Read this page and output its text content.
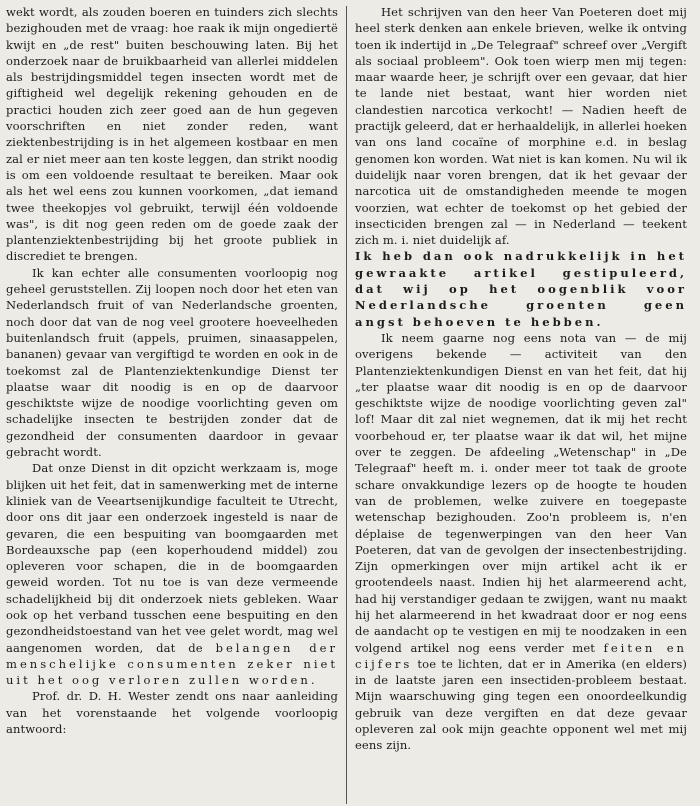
wekt wordt, als zouden boeren en tuinders zich slechts bezighouden met de vraag: hoe raak ik mijn ongediertë kwijt en „de rest" buiten beschouwing laten. Bij het onderzoek naar de bruikbaarheid van allerlei middelen als bestrijdingsmiddel tegen insecten wordt met de giftigheid wel degelijk rekening gehouden en de practici houden zich zeer goed aan de hun gegeven voorschriften en niet zonder reden, want ziektenbestrijding is in het algemeen kostbaar en men zal er niet meer aan ten koste leggen, dan strikt noodig is om een voldoende resultaat te bereiken. Maar ook als het wel eens zou kunnen voorkomen, „dat iemand twee theekopjes vol gebruikt, terwijl één voldoende was", is dit nog geen reden om de goede zaak der plantenziektenbestrijding bij het groote publiek in discrediet te brengen.

Ik kan echter alle consumenten voorloopig nog geheel geruststellen. Zij loopen noch door het eten van Nederlandsch fruit of van Nederlandsche groenten, noch door dat van de nog veel grootere hoeveelheden buitenlandsch fruit (appels, pruimen, sinaasappelen, bananen) gevaar van vergiftigd te worden en ook in de toekomst zal de Plantenziektenkundige Dienst ter plaatse waar dit noodig is en op de daarvoor geschiktste wijze de noodige voorlichting geven om schadelijke insecten te bestrijden zonder dat de gezondheid der consumenten daardoor in gevaar gebracht wordt.

Dat onze Dienst in dit opzicht werkzaam is, moge blijken uit het feit, dat in samenwerking met de interne kliniek van de Veeartsenijkundige faculteit te Utrecht, door ons dit jaar een onderzoek ingesteld is naar de gevaren, die een bespuiting van boomgaarden met Bordeauxsche pap (een koperhoudend middel) zou opleveren voor schapen, die in de boomgaarden geweid worden. Tot nu toe is van deze vermeende schadelijkheid bij dit onderzoek niets gebleken. Waar ook op het verband tusschen eene bespuiting en den gezondheidstoestand van het vee gelet wordt, mag wel aangenomen worden, dat de belangen der menschelijke consumenten zeker niet uit het oog verloren zullen worden.

Prof. dr. D. H. Wester zendt ons naar aanleiding van het vorenstaande het volgende voorloopig antwoord:

Het schrijven van den heer Van Poeteren doet mij heel sterk denken aan enkele brieven, welke ik ontving toen ik indertijd in „De Telegraaf" schreef over „Vergift als sociaal probleem". Ook toen wierp men mij tegen: maar waarde heer, je schrijft over een gevaar, dat hier te lande niet bestaat, want hier worden niet clandestien narcotica verkocht! — Nadien heeft de practijk geleerd, dat er herhaaldelijk, in allerlei hoeken van ons land cocaïne of morphine e.d. in beslag genomen kon worden. Wat niet is kan komen. Nu wil ik duidelijk naar voren brengen, dat ik het gevaar der narcotica uit de omstandigheden meende te mogen voorzien, wat echter de toekomst op het gebied der insecticiden brengen zal — in Nederland — teekent zich m. i. niet duidelijk af.

Ik heb dan ook nadrukkelijk in het gewraakte artikel gestipuleerd, dat wij op het oogenblik voor Nederlandsche groenten geen angst behoeven te hebben.

Ik neem gaarne nog eens nota van — de mij overigens bekende — activiteit van den Plantenziektenkundigen Dienst en van het feit, dat hij „ter plaatse waar dit noodig is en op de daarvoor geschiktste wijze de noodige voorlichting geven zal" lof! Maar dit zal niet wegnemen, dat ik mij het recht voorbehoud er, ter plaatse waar ik dat wil, het mijne over te zeggen. De afdeeling „Wetenschap" in „De Telegraaf" heeft m. i. onder meer tot taak de groote schare onvakkundige lezers op de hoogte te houden van de problemen, welke zuivere en toegepaste wetenschap bezighouden. Zoo'n probleem is, n'en déplaise de tegenwerpingen van den heer Van Poeteren, dat van de gevolgen der insectenbestrijding. Zijn opmerkingen over mijn artikel acht ik er grootendeels naast. Indien hij het alarmeerend acht, had hij verstandiger gedaan te zwijgen, want nu maakt hij het alarmeerend in het kwadraat door er nog eens de aandacht op te vestigen en mij te noodzaken in een volgend artikel nog eens verder met feiten en cijfers toe te lichten, dat er in Amerika (en elders) in de laatste jaren een insectiden-probleem bestaat. Mijn waarschuwing ging tegen een onoordeelkundig gebruik van deze vergiften en dat deze gevaar opleveren zal ook mijn geachte opponent wel met mij eens zijn.
